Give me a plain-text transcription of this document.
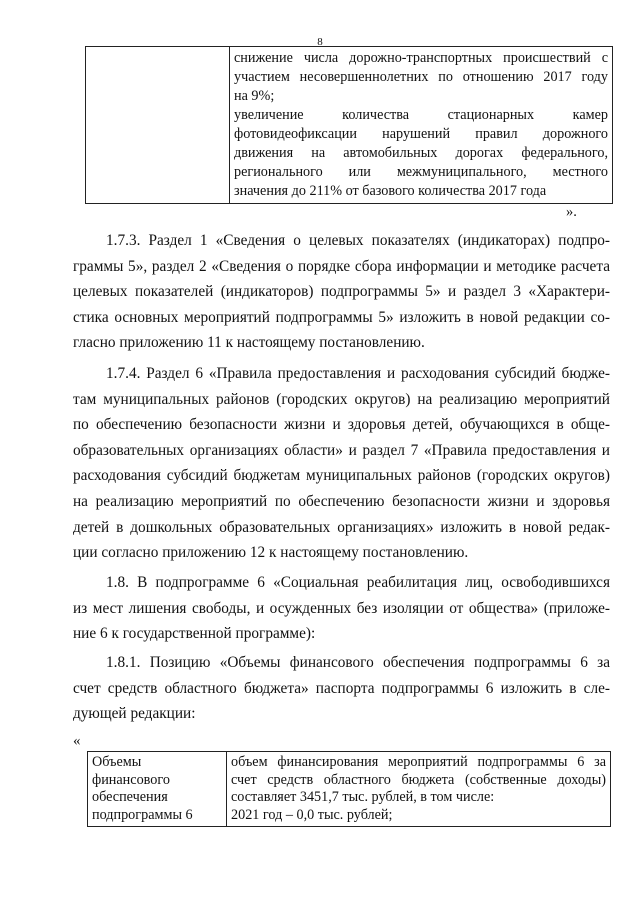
8

снижение числа дорожно-транспортных происшествий с
участием несовершеннолетних по отношению 2017 году
на 9%;
увеличение количества стационарных камер
фотовидеофиксации нарушений правил дорожного
движения на автомобильных дорогах федерального,
регионального или межмуниципального, местного
значения до 211% от базового количества 2017 года
».
1.7.3. Раздел 1 «Сведения о целевых показателях (индикаторах) подпро-
граммы 5», раздел 2 «Сведения о порядке сбора информации и методике расчета
целевых показателей (индикаторов) подпрограммы 5» и раздел 3 «Характери-
стика основных мероприятий подпрограммы 5» изложить в новой редакции со-
гласно приложению 11 к настоящему постановлению.
1.7.4. Раздел 6 «Правила предоставления и расходования субсидий бюдже-
там муниципальных районов (городских округов) на реализацию мероприятий
по обеспечению безопасности жизни и здоровья детей, обучающихся в обще-
образовательных организациях области» и раздел 7 «Правила предоставления и
расходования субсидий бюджетам муниципальных районов (городских округов)
на реализацию мероприятий по обеспечению безопасности жизни и здоровья
детей в дошкольных образовательных организациях» изложить в новой редак-
ции согласно приложению 12 к настоящему постановлению.
1.8. В подпрограмме 6 «Социальная реабилитация лиц, освободившихся
из мест лишения свободы, и осужденных без изоляции от общества» (приложе-
ние 6 к государственной программе):
1.8.1. Позицию «Объемы финансового обеспечения подпрограммы 6 за
счет средств областного бюджета» паспорта подпрограммы 6 изложить в сле-
дующей редакции:
«
Объемы
финансового
обеспечения
подпрограммы 6

объем финансирования мероприятий подпрограммы 6 за
счет средств областного бюджета (собственные доходы)
составляет 3451,7 тыс. рублей, в том числе:
2021 год – 0,0 тыс. рублей;
